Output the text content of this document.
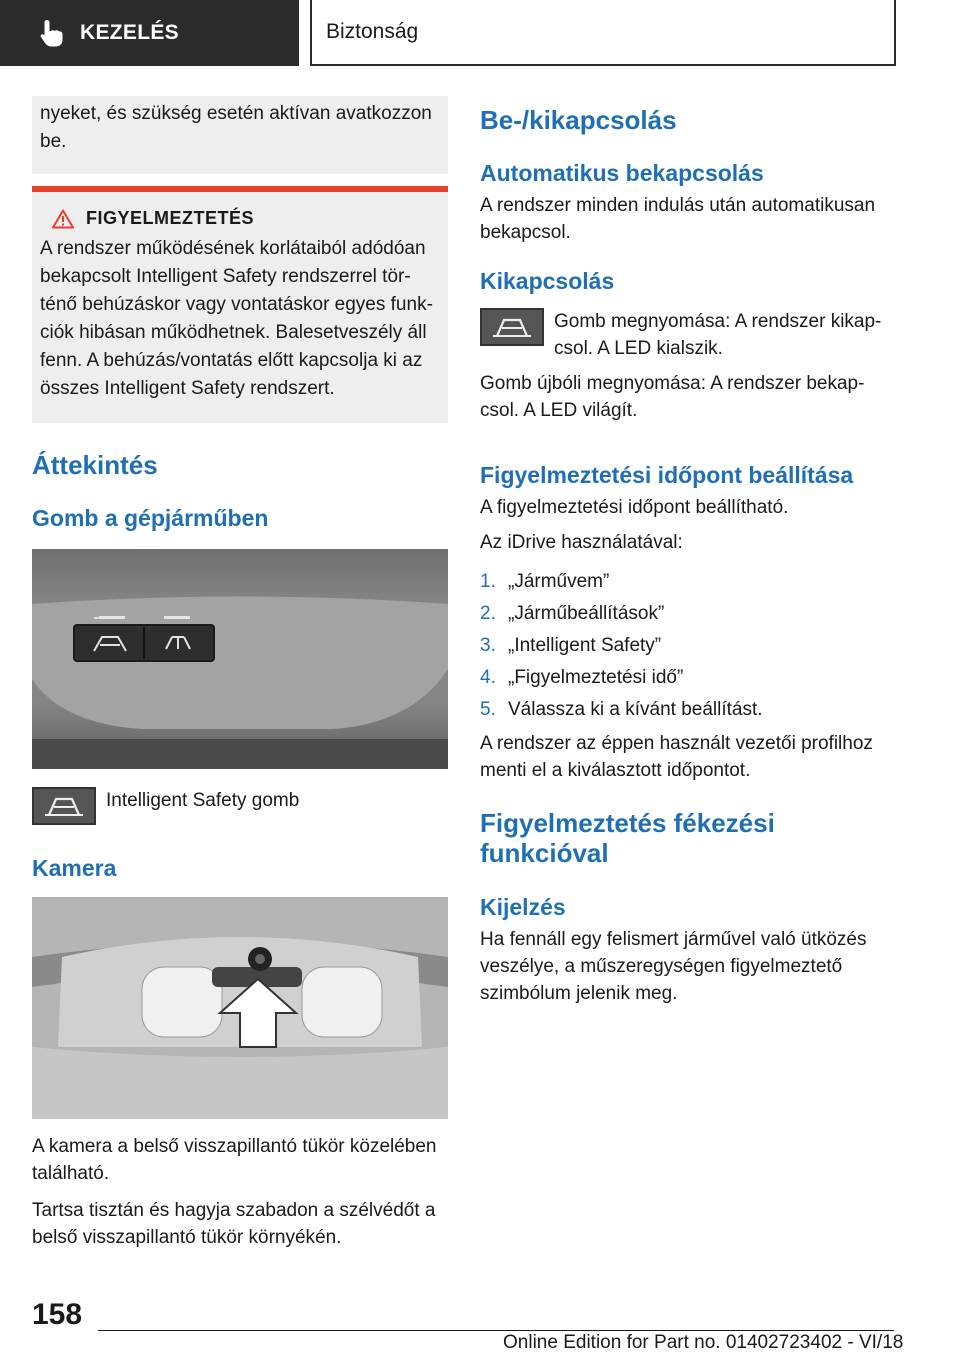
KEZELÉS	Biztonság
nyeket, és szükség esetén aktívan avatkozzon be.
FIGYELMEZTETÉS
A rendszer működésének korlátaiból adódóan bekapcsolt Intelligent Safety rendszerrel történő behúzáskor vagy vontatáskor egyes funkciók hibásan működhetnek. Balesetveszély áll fenn. A behúzás/vontatás előtt kapcsolja ki az összes Intelligent Safety rendszert.
Áttekintés
Gomb a gépjárműben

Intelligent Safety gomb

Kamera

A kamera a belső visszapillantó tükör közelében található.

Tartsa tisztán és hagyja szabadon a szélvédőt a belső visszapillantó tükör környékén.

Be-/kikapcsolás
Automatikus bekapcsolás

A rendszer minden indulás után automatikusan bekapcsol.

Kikapcsolás

Gomb megnyomása: A rendszer kikapcsol. A LED kialszik.

Gomb újbóli megnyomása: A rendszer bekapcsol. A LED világít.

Figyelmeztetési időpont beállítása

A figyelmeztetési időpont beállítható.

Az iDrive használatával:

1. „Járművem”
2. „Járműbeállítások”
3. „Intelligent Safety”
4. „Figyelmeztetési idő”
5. Válassza ki a kívánt beállítást.

A rendszer az éppen használt vezetői profilhoz menti el a kiválasztott időpontot.

Figyelmeztetés fékezési funkcióval
Kijelzés

Ha fennáll egy felismert járművel való ütközés veszélye, a műszeregységen figyelmeztető szimbólum jelenik meg.

158
Online Edition for Part no. 01402723402 - VI/18
